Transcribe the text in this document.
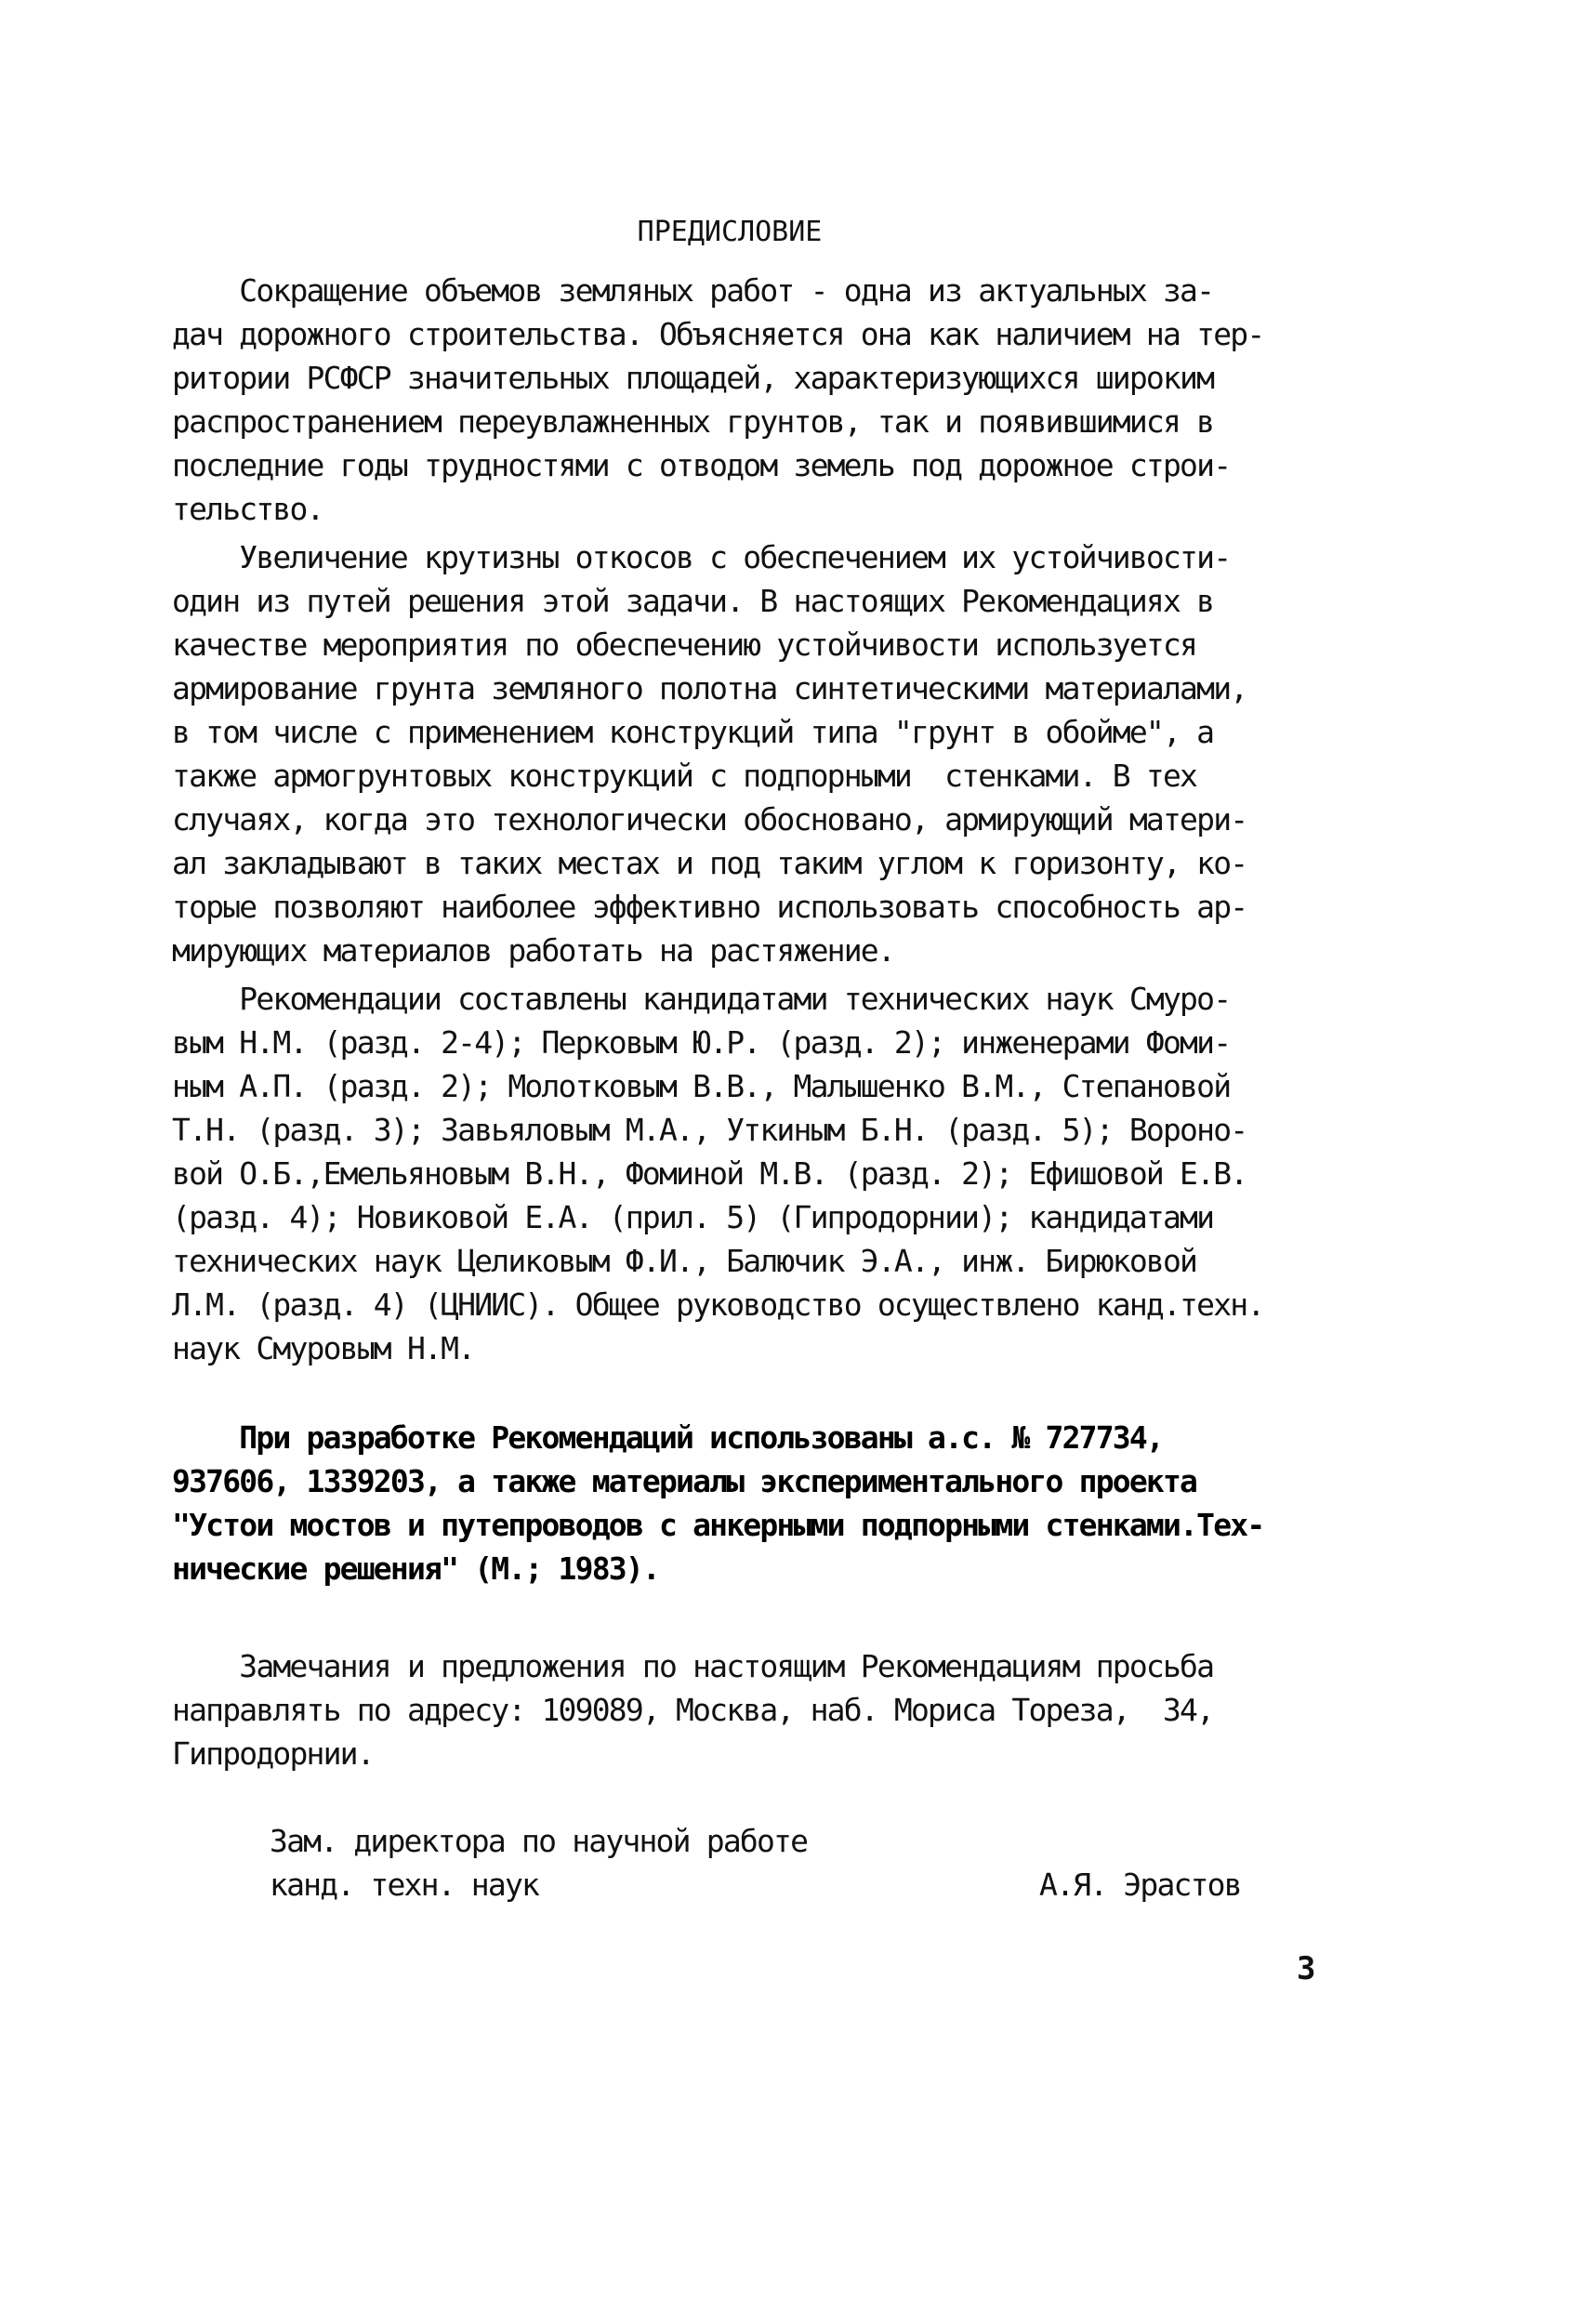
ПРЕДИСЛОВИЕ
Сокращение объемов земляных работ - одна из актуальных за-
дач дорожного строительства. Объясняется она как наличием на тер-
ритории РСФСР значительных площадей, характеризующихся широким
распространением переувлажненных грунтов, так и появившимися в
последние годы трудностями с отводом земель под дорожное строи-
тельство.
Увеличение крутизны откосов с обеспечением их устойчивости-
один из путей решения этой задачи. В настоящих Рекомендациях в
качестве мероприятия по обеспечению устойчивости используется
армирование грунта земляного полотна синтетическими материалами,
в том числе с применением конструкций типа "грунт в обойме", а
также армогрунтовых конструкций с подпорными  стенками. В тех
случаях, когда это технологически обосновано, армирующий матери-
ал закладывают в таких местах и под таким углом к горизонту, ко-
торые позволяют наиболее эффективно использовать способность ар-
мирующих материалов работать на растяжение.
Рекомендации составлены кандидатами технических наук Смуро-
вым Н.М. (разд. 2-4); Перковым Ю.Р. (разд. 2); инженерами Фоми-
ным А.П. (разд. 2); Молотковым В.В., Малышенко В.М., Степановой
Т.Н. (разд. 3); Завьяловым М.А., Уткиным Б.Н. (разд. 5); Вороно-
вой О.Б.,Емельяновым В.Н., Фоминой М.В. (разд. 2); Ефишовой Е.В.
(разд. 4); Новиковой Е.А. (прил. 5) (Гипродорнии); кандидатами
технических наук Целиковым Ф.И., Балючик Э.А., инж. Бирюковой
Л.М. (разд. 4) (ЦНИИС). Общее руководство осуществлено канд.техн.
наук Смуровым Н.М.
При разработке Рекомендаций использованы а.с. № 727734,
937606, 1339203, а также материалы экспериментального проекта
"Устои мостов и путепроводов с анкерными подпорными стенками.Тех-
нические решения" (М.; 1983).
Замечания и предложения по настоящим Рекомендациям просьба
направлять по адресу: 109089, Москва, наб. Мориса Тореза,  34,
Гипродорнии.
Зам. директора по научной работе
канд. техн. наук	А.Я. Эрастов
3
